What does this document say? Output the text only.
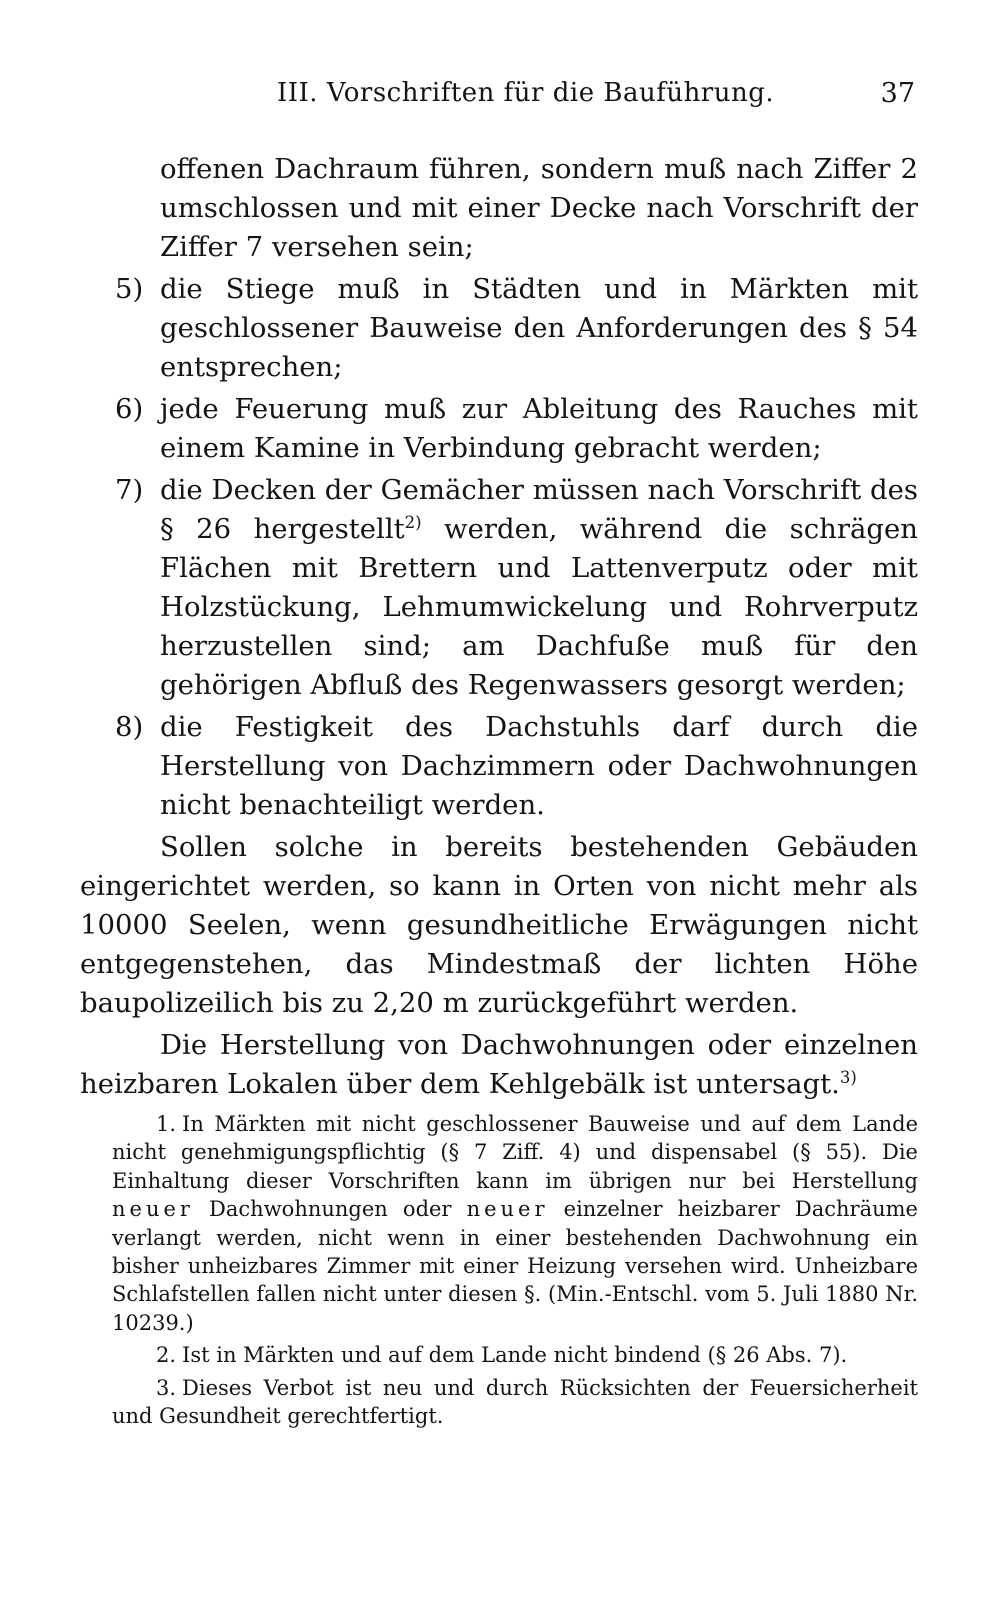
III. Vorschriften für die Bauführung.	37

offenen Dachraum führen, sondern muß nach Ziffer 2 umschlossen und mit einer Decke nach Vorschrift der Ziffer 7 versehen sein;

5) die Stiege muß in Städten und in Märkten mit geschlossener Bauweise den Anforderungen des § 54 entsprechen;
6) jede Feuerung muß zur Ableitung des Rauches mit einem Kamine in Verbindung gebracht werden;
7) die Decken der Gemächer müssen nach Vorschrift des § 26 hergestellt$^{2)}$ werden, während die schrägen Flächen mit Brettern und Lattenverputz oder mit Holzstückung, Lehmumwickelung und Rohrverputz herzustellen sind; am Dachfuße muß für den gehörigen Abfluß des Regenwassers gesorgt werden;
8) die Festigkeit des Dachstuhls darf durch die Herstellung von Dachzimmern oder Dachwohnungen nicht benachteiligt werden.

Sollen solche in bereits bestehenden Gebäuden eingerichtet werden, so kann in Orten von nicht mehr als 10000 Seelen, wenn gesundheitliche Erwägungen nicht entgegenstehen, das Mindestmaß der lichten Höhe baupolizeilich bis zu 2,20 m zurückgeführt werden.

Die Herstellung von Dachwohnungen oder einzelnen heizbaren Lokalen über dem Kehlgebälk ist untersagt.$^{3)}$

1. In Märkten mit nicht geschlossener Bauweise und auf dem Lande nicht genehmigungspflichtig (§ 7 Ziff. 4) und dispensabel (§ 55). Die Einhaltung dieser Vorschriften kann im übrigen nur bei Herstellung neuer Dachwohnungen oder neuer einzelner heizbarer Dachräume verlangt werden, nicht wenn in einer bestehenden Dachwohnung ein bisher unheizbares Zimmer mit einer Heizung versehen wird. Unheizbare Schlafstellen fallen nicht unter diesen §. (Min.-Entschl. vom 5. Juli 1880 Nr. 10239.)

2. Ist in Märkten und auf dem Lande nicht bindend (§ 26 Abs. 7).

3. Dieses Verbot ist neu und durch Rücksichten der Feuersicherheit und Gesundheit gerechtfertigt.
